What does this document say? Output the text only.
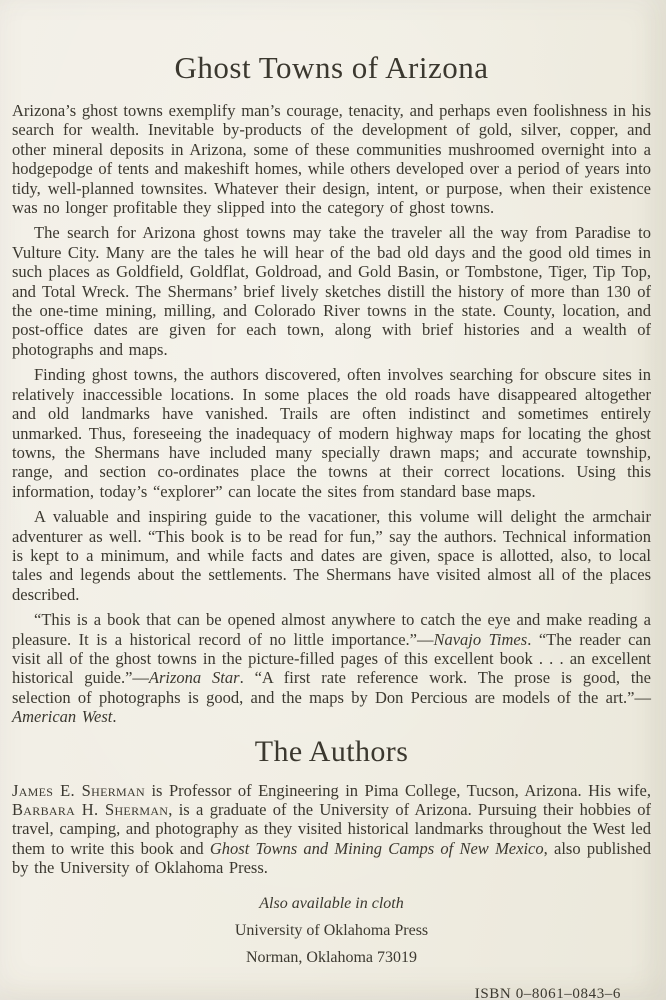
Ghost Towns of Arizona

Arizona’s ghost towns exemplify man’s courage, tenacity, and perhaps even foolishness in his search for wealth. Inevitable by-products of the development of gold, silver, copper, and other mineral deposits in Arizona, some of these communities mushroomed overnight into a hodgepodge of tents and makeshift homes, while others developed over a period of years into tidy, well-planned townsites. Whatever their design, intent, or purpose, when their existence was no longer profitable they slipped into the category of ghost towns.

The search for Arizona ghost towns may take the traveler all the way from Paradise to Vulture City. Many are the tales he will hear of the bad old days and the good old times in such places as Goldfield, Goldflat, Goldroad, and Gold Basin, or Tombstone, Tiger, Tip Top, and Total Wreck. The Shermans’ brief lively sketches distill the history of more than 130 of the one-time mining, milling, and Colorado River towns in the state. County, location, and post-office dates are given for each town, along with brief histories and a wealth of photographs and maps.

Finding ghost towns, the authors discovered, often involves searching for obscure sites in relatively inaccessible locations. In some places the old roads have disappeared altogether and old landmarks have vanished. Trails are often indistinct and sometimes entirely unmarked. Thus, foreseeing the inadequacy of modern highway maps for locating the ghost towns, the Shermans have included many specially drawn maps; and accurate township, range, and section co-ordinates place the towns at their correct locations. Using this information, today’s “explorer” can locate the sites from standard base maps.

A valuable and inspiring guide to the vacationer, this volume will delight the armchair adventurer as well. “This book is to be read for fun,” say the authors. Technical information is kept to a minimum, and while facts and dates are given, space is allotted, also, to local tales and legends about the settlements. The Shermans have visited almost all of the places described.

“This is a book that can be opened almost anywhere to catch the eye and make reading a pleasure. It is a historical record of no little importance.”—Navajo Times. “The reader can visit all of the ghost towns in the picture-filled pages of this excellent book . . . an excellent historical guide.”—Arizona Star. “A first rate reference work. The prose is good, the selection of photographs is good, and the maps by Don Percious are models of the art.”—American West.

The Authors

James E. Sherman is Professor of Engineering in Pima College, Tucson, Arizona. His wife, Barbara H. Sherman, is a graduate of the University of Arizona. Pursuing their hobbies of travel, camping, and photography as they visited historical landmarks throughout the West led them to write this book and Ghost Towns and Mining Camps of New Mexico, also published by the University of Oklahoma Press.

Also available in cloth
University of Oklahoma Press
Norman, Oklahoma 73019
ISBN 0–8061–0843–6
